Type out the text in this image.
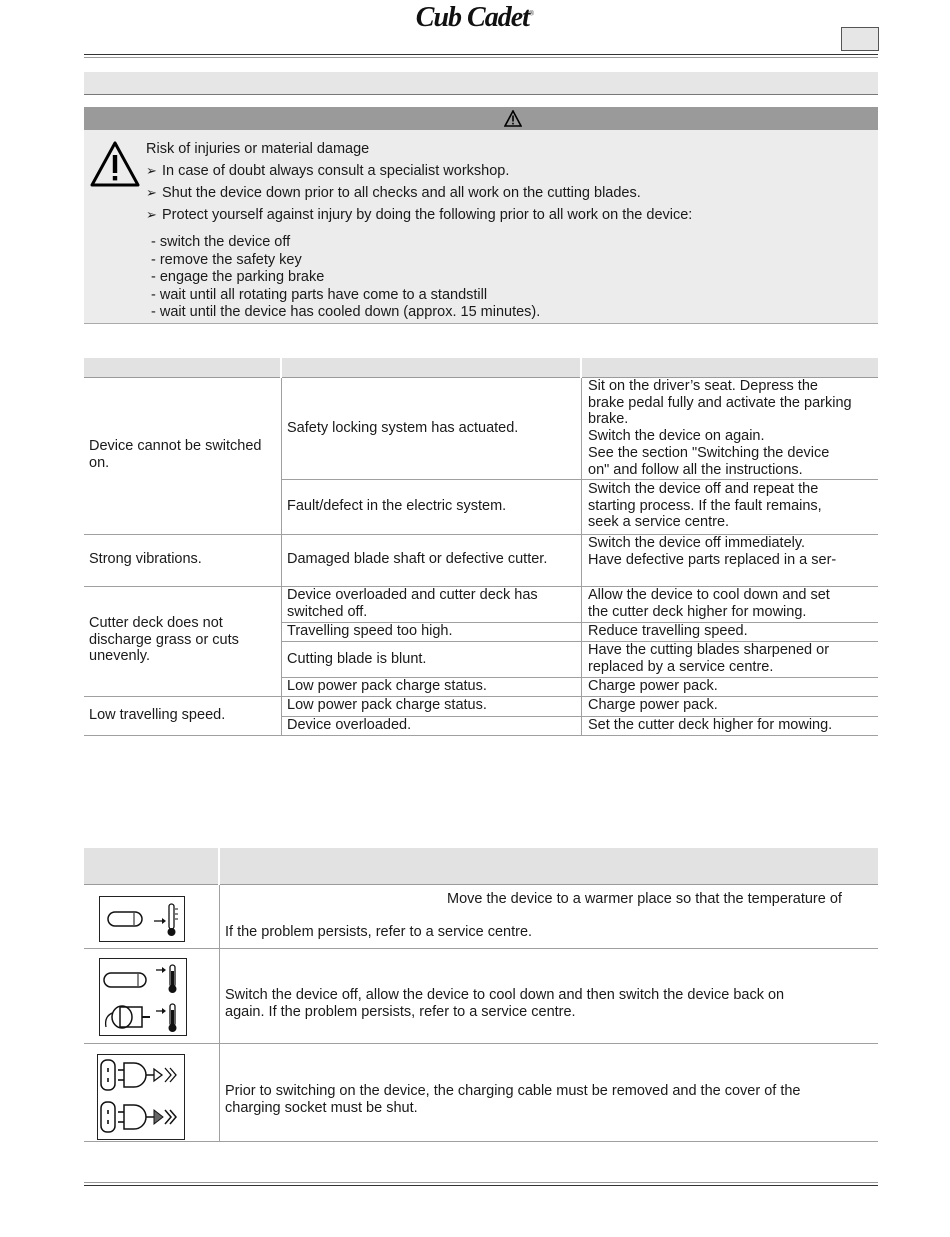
Cub Cadet®
Risk of injuries or material damage
➢ In case of doubt always consult a specialist workshop.
➢ Shut the device down prior to all checks and all work on the cutting blades.
➢ Protect yourself against injury by doing the following prior to all work on the device:
- switch the device off
- remove the safety key
- engage the parking brake
- wait until all rotating parts have come to a standstill
- wait until the device has cooled down (approx. 15 minutes).
Device cannot be switched
on.
Strong vibrations.
Cutter deck does not
discharge grass or cuts
unevenly.
Low travelling speed.
Safety locking system has actuated.
Fault/defect in the electric system.
Damaged blade shaft or defective cutter.
Device overloaded and cutter deck has
switched off.
Travelling speed too high.
Cutting blade is blunt.
Low power pack charge status.
Low power pack charge status.
Device overloaded.
Sit on the driver’s seat. Depress the
brake pedal fully and activate the parking
brake.
Switch the device on again.
See the section "Switching the device
on" and follow all the instructions.
Switch the device off and repeat the
starting process. If the fault remains,
seek a service centre.
Switch the device off immediately.
Have defective parts replaced in a ser-
Allow the device to cool down and set
the cutter deck higher for mowing.
Reduce travelling speed.
Have the cutting blades sharpened or
replaced by a service centre.
Charge power pack.
Charge power pack.
Set the cutter deck higher for mowing.
Move the device to a warmer place so that the temperature of
If the problem persists, refer to a service centre.
Switch the device off, allow the device to cool down and then switch the device back on
again. If the problem persists, refer to a service centre.
Prior to switching on the device, the charging cable must be removed and the cover of the
charging socket must be shut.
